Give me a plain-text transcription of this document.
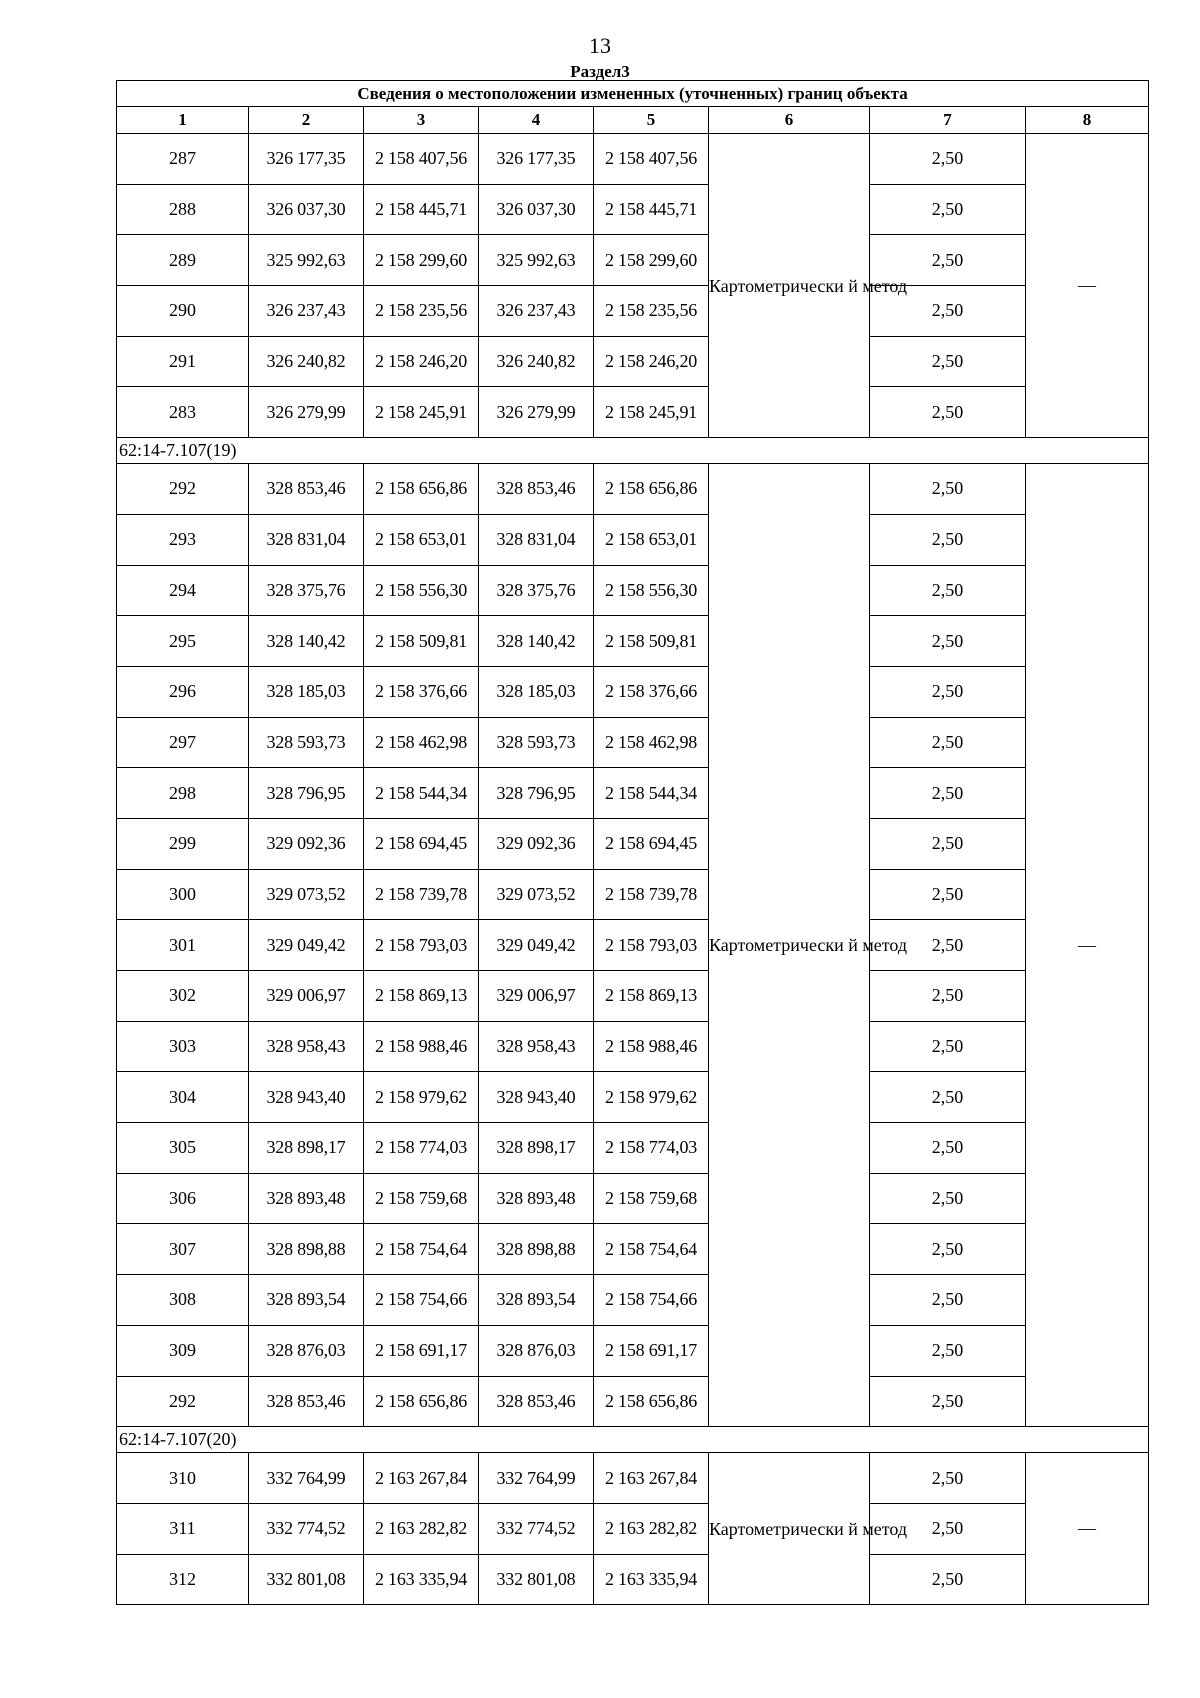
13
Раздел3
Сведения о местоположении измененных (уточненных) границ объекта							
1	2	3	4	5	6	7	8
287	326 177,35	2 158 407,56	326 177,35	2 158 407,56	Картометрически й метод	2,50	—
288	326 037,30	2 158 445,71	326 037,30	2 158 445,71		2,50	
289	325 992,63	2 158 299,60	325 992,63	2 158 299,60		2,50	
290	326 237,43	2 158 235,56	326 237,43	2 158 235,56		2,50	
291	326 240,82	2 158 246,20	326 240,82	2 158 246,20		2,50	
283	326 279,99	2 158 245,91	326 279,99	2 158 245,91		2,50	
62:14-7.107(19)							
292	328 853,46	2 158 656,86	328 853,46	2 158 656,86	Картометрически й метод	2,50	—
293	328 831,04	2 158 653,01	328 831,04	2 158 653,01		2,50	
294	328 375,76	2 158 556,30	328 375,76	2 158 556,30		2,50	
295	328 140,42	2 158 509,81	328 140,42	2 158 509,81		2,50	
296	328 185,03	2 158 376,66	328 185,03	2 158 376,66		2,50	
297	328 593,73	2 158 462,98	328 593,73	2 158 462,98		2,50	
298	328 796,95	2 158 544,34	328 796,95	2 158 544,34		2,50	
299	329 092,36	2 158 694,45	329 092,36	2 158 694,45		2,50	
300	329 073,52	2 158 739,78	329 073,52	2 158 739,78		2,50	
301	329 049,42	2 158 793,03	329 049,42	2 158 793,03		2,50	
302	329 006,97	2 158 869,13	329 006,97	2 158 869,13		2,50	
303	328 958,43	2 158 988,46	328 958,43	2 158 988,46		2,50	
304	328 943,40	2 158 979,62	328 943,40	2 158 979,62		2,50	
305	328 898,17	2 158 774,03	328 898,17	2 158 774,03		2,50	
306	328 893,48	2 158 759,68	328 893,48	2 158 759,68		2,50	
307	328 898,88	2 158 754,64	328 898,88	2 158 754,64		2,50	
308	328 893,54	2 158 754,66	328 893,54	2 158 754,66		2,50	
309	328 876,03	2 158 691,17	328 876,03	2 158 691,17		2,50	
292	328 853,46	2 158 656,86	328 853,46	2 158 656,86		2,50	
62:14-7.107(20)							
310	332 764,99	2 163 267,84	332 764,99	2 163 267,84	Картометрически й метод	2,50	—
311	332 774,52	2 163 282,82	332 774,52	2 163 282,82		2,50	
312	332 801,08	2 163 335,94	332 801,08	2 163 335,94		2,50	
